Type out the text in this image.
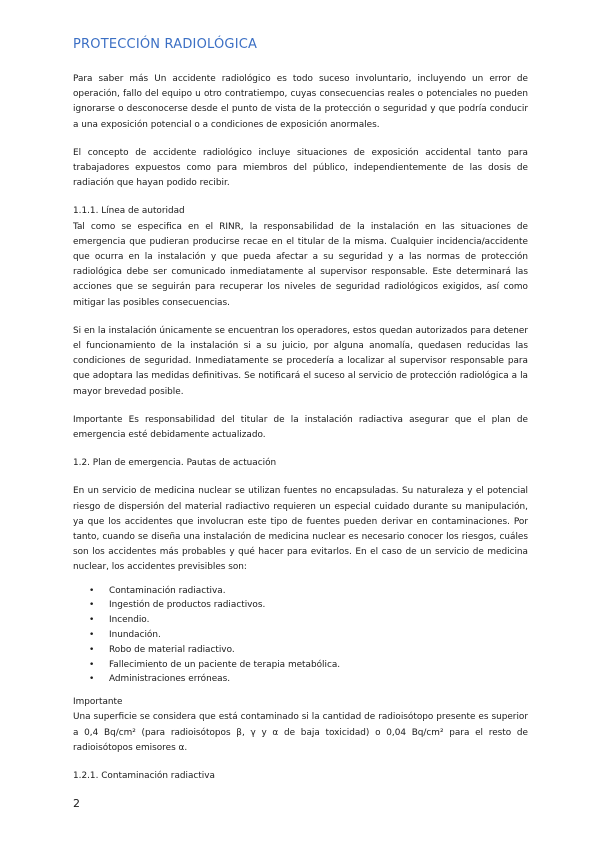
PROTECCIÓN RADIOLÓGICA

Para saber más Un accidente radiológico es todo suceso involuntario, incluyendo un error de operación, fallo del equipo u otro contratiempo, cuyas consecuencias reales o potenciales no pueden ignorarse o desconocerse desde el punto de vista de la protección o seguridad y que podría conducir a una exposición potencial o a condiciones de exposición anormales.

El concepto de accidente radiológico incluye situaciones de exposición accidental tanto para trabajadores expuestos como para miembros del público, independientemente de las dosis de radiación que hayan podido recibir.

1.1.1. Línea de autoridad

Tal como se especifica en el RINR, la responsabilidad de la instalación en las situaciones de emergencia que pudieran producirse recae en el titular de la misma. Cualquier incidencia/accidente que ocurra en la instalación y que pueda afectar a su seguridad y a las normas de protección radiológica debe ser comunicado inmediatamente al supervisor responsable. Este determinará las acciones que se seguirán para recuperar los niveles de seguridad radiológicos exigidos, así como mitigar las posibles consecuencias.

Si en la instalación únicamente se encuentran los operadores, estos quedan autorizados para detener el funcionamiento de la instalación si a su juicio, por alguna anomalía, quedasen reducidas las condiciones de seguridad. Inmediatamente se procedería a localizar al supervisor responsable para que adoptara las medidas definitivas. Se notificará el suceso al servicio de protección radiológica a la mayor brevedad posible.

Importante Es responsabilidad del titular de la instalación radiactiva asegurar que el plan de emergencia esté debidamente actualizado.

1.2. Plan de emergencia. Pautas de actuación

En un servicio de medicina nuclear se utilizan fuentes no encapsuladas. Su naturaleza y el potencial riesgo de dispersión del material radiactivo requieren un especial cuidado durante su manipulación, ya que los accidentes que involucran este tipo de fuentes pueden derivar en contaminaciones. Por tanto, cuando se diseña una instalación de medicina nuclear es necesario conocer los riesgos, cuáles son los accidentes más probables y qué hacer para evitarlos. En el caso de un servicio de medicina nuclear, los accidentes previsibles son:

• Contaminación radiactiva.
• Ingestión de productos radiactivos.
• Incendio.
• Inundación.
• Robo de material radiactivo.
• Fallecimiento de un paciente de terapia metabólica.
• Administraciones erróneas.

Importante

Una superficie se considera que está contaminado si la cantidad de radioisótopo presente es superior a 0,4 Bq/cm² (para radioisótopos β, γ y α de baja toxicidad) o 0,04 Bq/cm² para el resto de radioisótopos emisores α.

1.2.1. Contaminación radiactiva

2
